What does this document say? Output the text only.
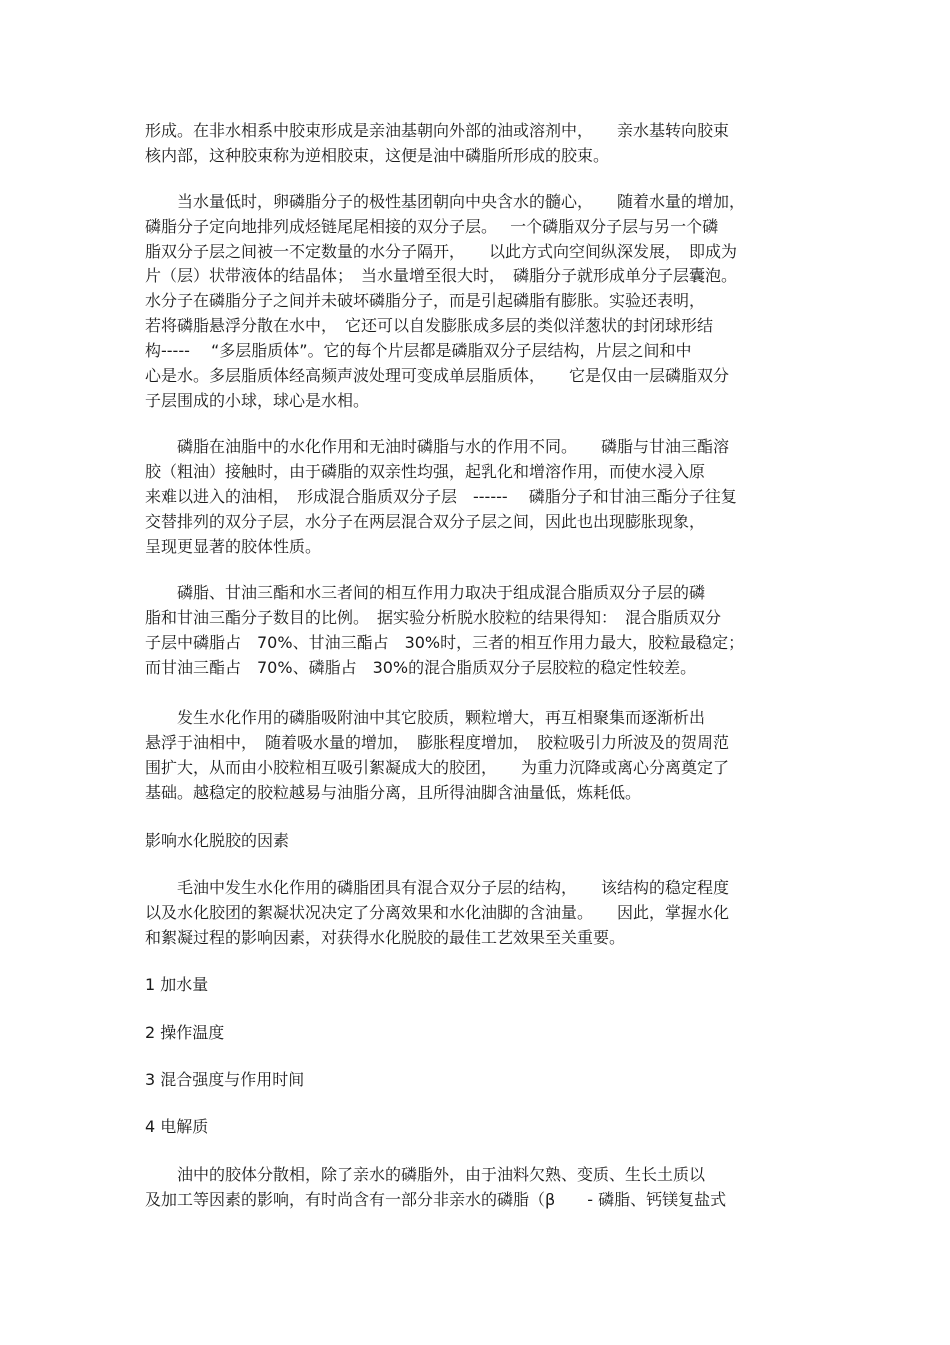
形成。在非水相系中胶束形成是亲油基朝向外部的油或溶剂中，　　亲水基转向胶束
核内部，这种胶束称为逆相胶束，这便是油中磷脂所形成的胶束。
　　当水量低时，卵磷脂分子的极性基团朝向中央含水的髓心，　　随着水量的增加，
磷脂分子定向地排列成烃链尾尾相接的双分子层。　 一个磷脂双分子层与另一个磷
脂双分子层之间被一不定数量的水分子隔开，　　以此方式向空间纵深发展，　即成为
片（层）状带液体的结晶体；　当水量增至很大时，　磷脂分子就形成单分子层囊泡。
水分子在磷脂分子之间并未破坏磷脂分子，而是引起磷脂有膨胀。实验还表明，
若将磷脂悬浮分散在水中，　它还可以自发膨胀成多层的类似洋葱状的封闭球形结
构-----　 “多层脂质体”。它的每个片层都是磷脂双分子层结构，片层之间和中
心是水。多层脂质体经高频声波处理可变成单层脂质体，　　它是仅由一层磷脂双分
子层围成的小球，球心是水相。
　　磷脂在油脂中的水化作用和无油时磷脂与水的作用不同。　　磷脂与甘油三酯溶
胶（粗油）接触时，由于磷脂的双亲性均强，起乳化和增溶作用，而使水浸入原
来难以进入的油相，　形成混合脂质双分子层　------　 磷脂分子和甘油三酯分子往复
交替排列的双分子层，水分子在两层混合双分子层之间，因此也出现膨胀现象，
呈现更显著的胶体性质。
　　磷脂、甘油三酯和水三者间的相互作用力取决于组成混合脂质双分子层的磷
脂和甘油三酯分子数目的比例。　据实验分析脱水胶粒的结果得知：　混合脂质双分
子层中磷脂占　70%、甘油三酯占　30%时，三者的相互作用力最大，胶粒最稳定；
而甘油三酯占　70%、磷脂占　30%的混合脂质双分子层胶粒的稳定性较差。
　　发生水化作用的磷脂吸附油中其它胶质，颗粒增大，再互相聚集而逐渐析出
悬浮于油相中，　随着吸水量的增加，　膨胀程度增加，　胶粒吸引力所波及的贺周范
围扩大，从而由小胶粒相互吸引絮凝成大的胶团，　　为重力沉降或离心分离奠定了
基础。越稳定的胶粒越易与油脂分离，且所得油脚含油量低，炼耗低。
影响水化脱胶的因素
　　毛油中发生水化作用的磷脂团具有混合双分子层的结构，　　该结构的稳定程度
以及水化胶团的絮凝状况决定了分离效果和水化油脚的含油量。　　因此，掌握水化
和絮凝过程的影响因素，对获得水化脱胶的最佳工艺效果至关重要。
1 加水量
2 操作温度
3 混合强度与作用时间
4 电解质
　　油中的胶体分散相，除了亲水的磷脂外，由于油料欠熟、变质、生长土质以
及加工等因素的影响，有时尚含有一部分非亲水的磷脂（β　　- 磷脂、钙镁复盐式
